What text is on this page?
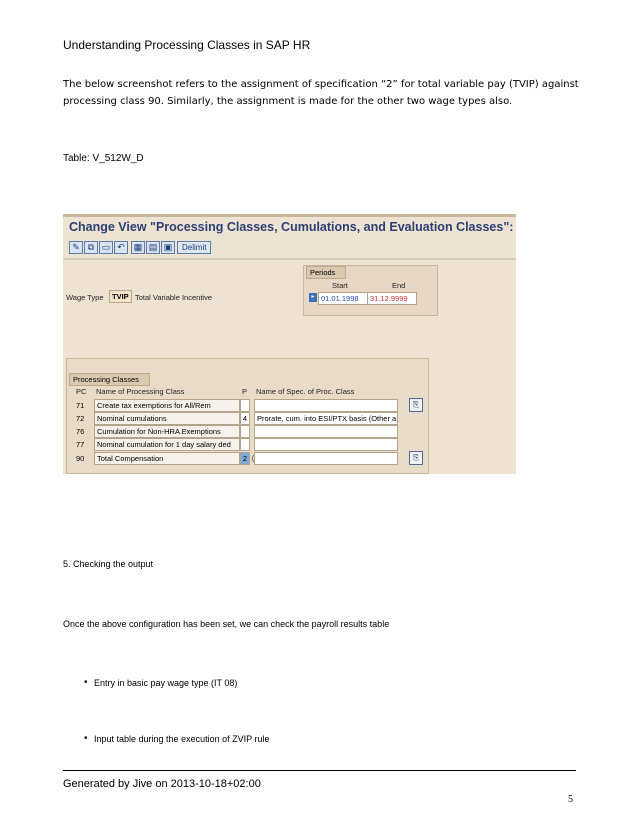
Understanding Processing Classes in SAP HR
The below screenshot refers to the assignment of specification “2” for total variable pay (TVIP) against processing class 90. Similarly, the assignment is made for the other two wage types also.
Table: V_512W_D
Change View "Processing Classes, Cumulations, and Evaluation Classes":
✎ ⧉ ▭ ↶ ▦ ▤ ▣	Delimit
Wage Type	TVIP Total Variable Incentive
Periods
Start	End
▸ 01.01.1998	31.12.9999
Processing Classes
PC Name of Processing Class	P Name of Spec. of Proc. Class
71	Create tax exemptions for All/Rem
72	Nominal cumulations	4	Prorate, cum. into ESI/PTX basis (Other a
76	Cumulation for Non-HRA Exemptions
77	Nominal cumulation for 1 day salary ded
90	Total Compensation	2
⎘
⎘
5. Checking the output
Once the above configuration has been set, we can check the payroll results table
• Entry in basic pay wage type (IT 08)
• Input table during the execution of ZVIP rule
Generated by Jive on 2013-10-18+02:00
5
